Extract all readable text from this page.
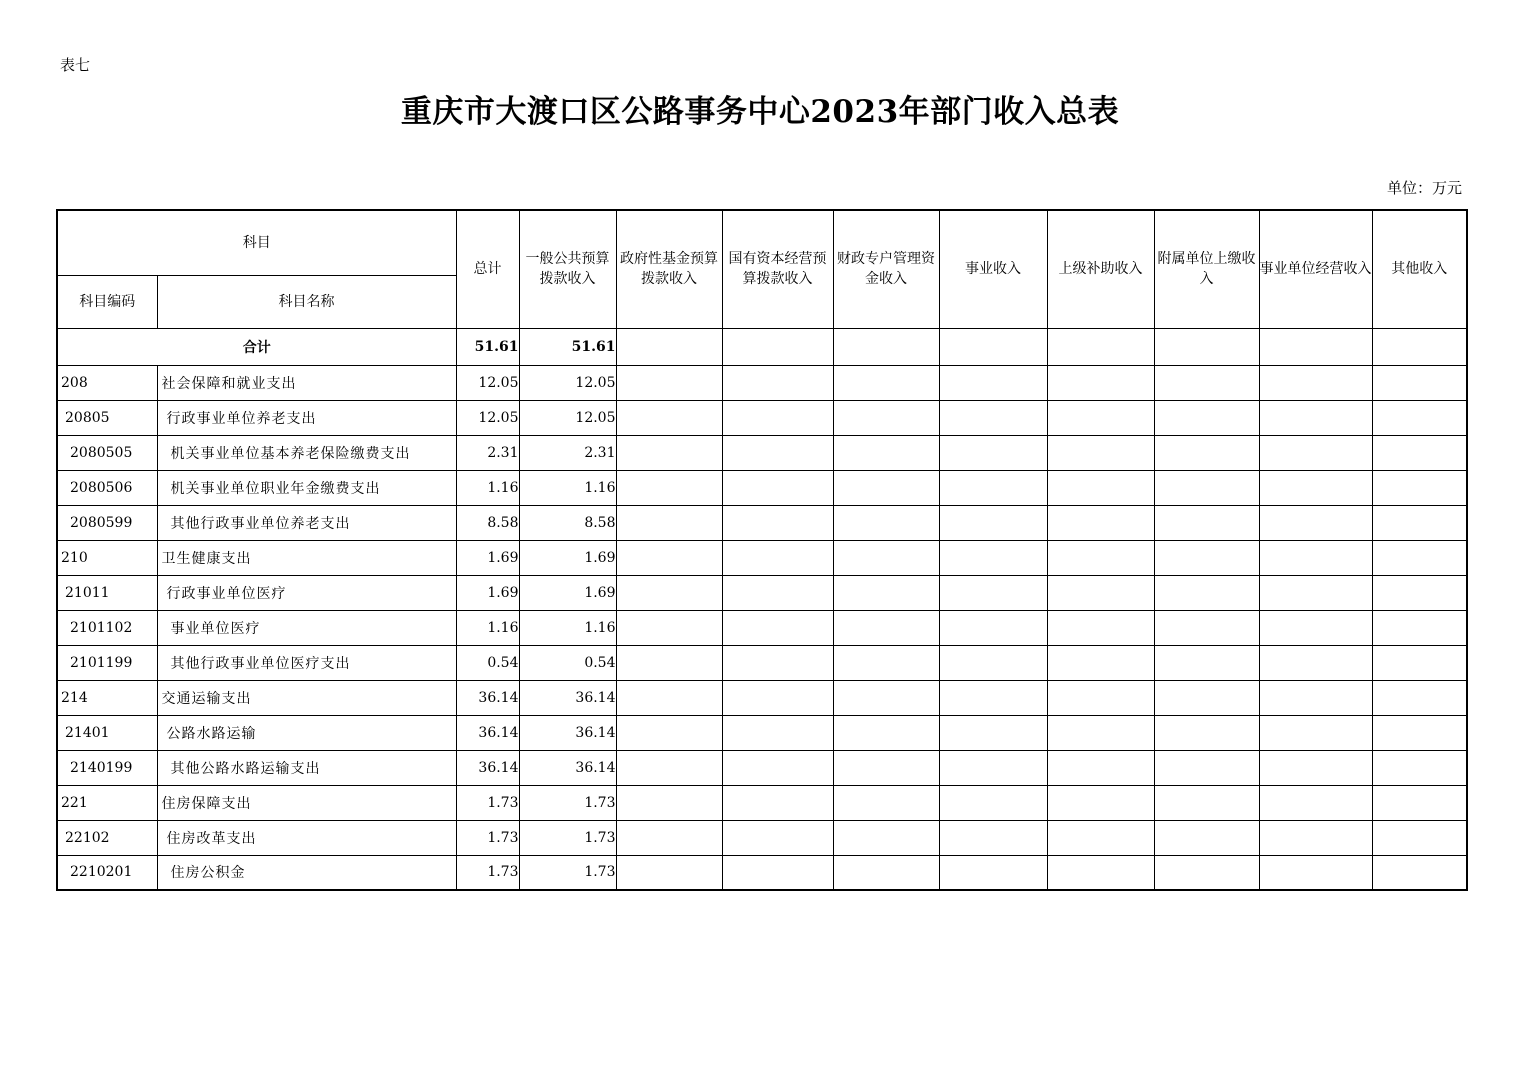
表七
重庆市大渡口区公路事务中心2023年部门收入总表
单位：万元
科目		总计	一般公共预算拨款收入	政府性基金预算拨款收入	国有资本经营预算拨款收入	财政专户管理资金收入	事业收入	上级补助收入	附属单位上缴收入	事业单位经营收入	其他收入
科目编码	科目名称										
合计		51.61	51.61								
208	社会保障和就业支出	12.05	12.05								
20805	行政事业单位养老支出	12.05	12.05								
2080505	机关事业单位基本养老保险缴费支出	2.31	2.31								
2080506	机关事业单位职业年金缴费支出	1.16	1.16								
2080599	其他行政事业单位养老支出	8.58	8.58								
210	卫生健康支出	1.69	1.69								
21011	行政事业单位医疗	1.69	1.69								
2101102	事业单位医疗	1.16	1.16								
2101199	其他行政事业单位医疗支出	0.54	0.54								
214	交通运输支出	36.14	36.14								
21401	公路水路运输	36.14	36.14								
2140199	其他公路水路运输支出	36.14	36.14								
221	住房保障支出	1.73	1.73								
22102	住房改革支出	1.73	1.73								
2210201	住房公积金	1.73	1.73								
